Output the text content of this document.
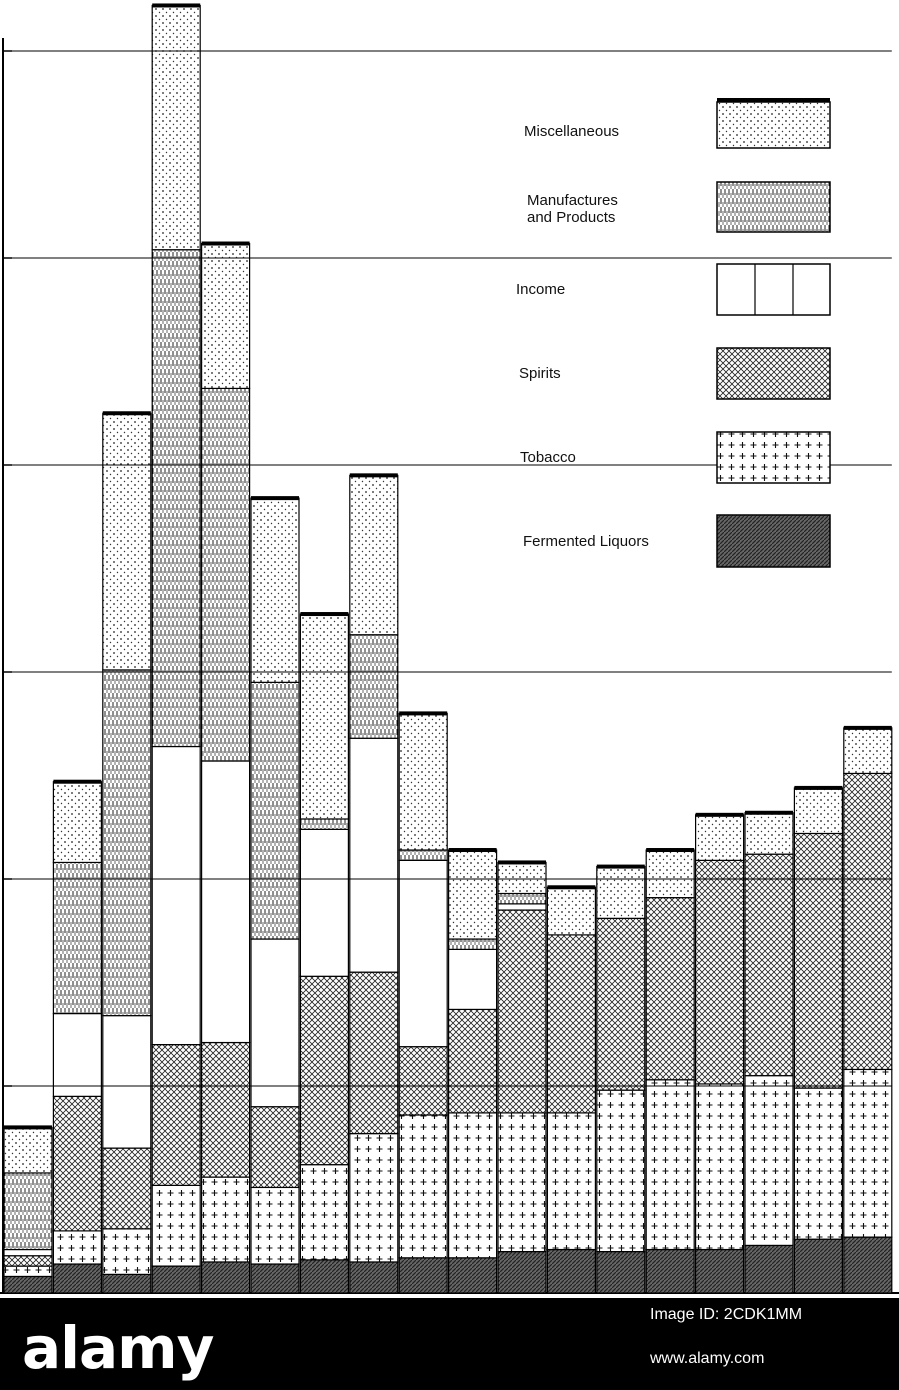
Miscellaneous
Manufactures
and Products
Income
Spirits
Tobacco
Fermented Liquors
alamy	Image ID: 2CDK1MM
www.alamy.com
